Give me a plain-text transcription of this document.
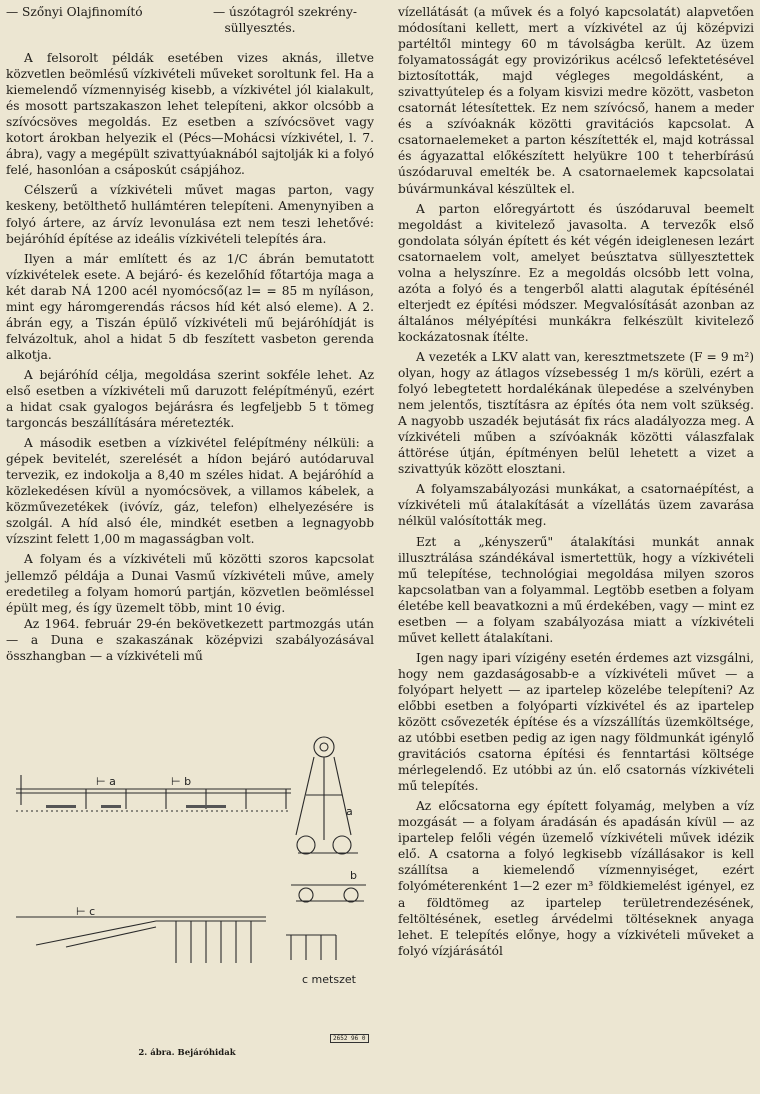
— Szőnyi Olajfinomító	— úszótagról szekrény-
süllyesztés.

A felsorolt példák esetében vizes aknás, illetve közvetlen beömlésű vízkivételi műveket soroltunk fel. Ha a kiemelendő vízmennyiség kisebb, a vízkivétel jól kialakult, és mosott partszakaszon lehet telepíteni, akkor olcsóbb a szívócsöves megoldás. Ez esetben a szívócsövet vagy kotort árokban helyezik el (Pécs—Mohácsi vízkivétel, l. 7. ábra), vagy a megépült szivattyúaknából sajtolják ki a folyó felé, hasonlóan a csáposkút csápjához.

Célszerű a vízkivételi művet magas parton, vagy keskeny, betölthető hullámtéren telepíteni. Amenynyiben a folyó ártere, az árvíz levonulása ezt nem teszi lehetővé: bejáróhíd építése az ideális vízkivételi telepítés ára.

Ilyen a már említett és az 1/C ábrán bemutatott vízkivételek esete. A bejáró- és kezelőhíd főtartója maga a két darab NÁ 1200 acél nyomócső(az l= = 85 m nyíláson, mint egy háromgerendás rácsos híd két alsó eleme). A 2. ábrán egy, a Tiszán épülő vízkivételi mű bejáróhídját is felvázoltuk, ahol a hidat 5 db feszített vasbeton gerenda alkotja.

A bejáróhíd célja, megoldása szerint sokféle lehet. Az első esetben a vízkivételi mű daruzott felépítményű, ezért a hidat csak gyalogos bejárásra és legfeljebb 5 t tömeg targoncás beszállítására méretezték.

A második esetben a vízkivétel felépítmény nélküli: a gépek bevitelét, szerelését a hídon bejáró autódaruval tervezik, ez indokolja a 8,40 m széles hidat. A bejáróhíd a közlekedésen kívül a nyomócsövek, a villamos kábelek, a közművezetékek (ivóvíz, gáz, telefon) elhelyezésére is szolgál. A híd alsó éle, mindkét esetben a legnagyobb vízszint felett 1,00 m magasságban volt.

A folyam és a vízkivételi mű közötti szoros kapcsolat jellemző példája a Dunai Vasmű vízkivételi műve, amely eredetileg a folyam homorú partján, közvetlen beömléssel épült meg, és így üzemelt több, mint 10 évig.

Az 1964. február 29-én bekövetkezett partmozgás után — a Duna e szakaszának középvizi szabályozásával összhangban — a vízkivételi mű

⊢ a	⊢ b
⊢ c
a
b
c metszet
2652 96 0
2. ábra. Bejáróhidak

vízellátását (a művek és a folyó kapcsolatát) alapvetően módosítani kellett, mert a vízkivétel az új középvizi partéltől mintegy 60 m távolságba került. Az üzem folyamatosságát egy provizórikus acélcső lefektetésével biztosították, majd végleges megoldásként, a szivattyútelep és a folyam kisvizi medre között, vasbeton csatornát létesítettek. Ez nem szívócső, hanem a meder és a szívóaknák közötti gravitációs kapcsolat. A csatornaelemeket a parton készítették el, majd kotrással és ágyazattal előkészített helyükre 100 t teherbírású úszódaruval emelték be. A csatornaelemek kapcsolatai búvármunkával készültek el.

A parton előregyártott és úszódaruval beemelt megoldást a kivitelező javasolta. A tervezők első gondolata sólyán épített és két végén ideiglenesen lezárt csatornaelem volt, amelyet beúsztatva süllyesztettek volna a helyszínre. Ez a megoldás olcsóbb lett volna, azóta a folyó és a tengerből alatti alagutak építésénél elterjedt ez építési módszer. Megvalósítását azonban az általános mélyépítési munkákra felkészült kivitelező kockázatosnak ítélte.

A vezeték a LKV alatt van, keresztmetszete (F = 9 m²) olyan, hogy az átlagos vízsebesség 1 m/s körüli, ezért a folyó lebegtetett hordalékának ülepedése a szelvényben nem jelentős, tisztításra az építés óta nem volt szükség. A nagyobb uszadék bejutását fix rács aladályozza meg. A vízkivételi műben a szívóaknák közötti válaszfalak áttörése útján, építményen belül lehetett a vizet a szivattyúk között elosztani.

A folyamszabályozási munkákat, a csatornaépítést, a vízkivételi mű átalakítását a vízellátás üzem zavarása nélkül valósították meg.

Ezt a „kényszerű" átalakítási munkát annak illusztrálása szándékával ismertettük, hogy a vízkivételi mű telepítése, technológiai megoldása milyen szoros kapcsolatban van a folyammal. Legtöbb esetben a folyam életébe kell beavatkozni a mű érdekében, vagy — mint ez esetben — a folyam szabályozása miatt a vízkivételi művet kellett átalakítani.

Igen nagy ipari vízigény esetén érdemes azt vizsgálni, hogy nem gazdaságosabb-e a vízkivételi művet — a folyópart helyett — az ipartelep közelébe telepíteni? Az előbbi esetben a folyóparti vízkivétel és az ipartelep között csővezeték építése és a vízszállítás üzemköltsége, az utóbbi esetben pedig az igen nagy földmunkát igénylő gravitációs csatorna építési és fenntartási költsége mérlegelendő. Ez utóbbi az ún. elő csatornás vízkivételi mű telepítés.

Az előcsatorna egy épített folyamág, melyben a víz mozgását — a folyam áradásán és apadásán kívül — az ipartelep felőli végén üzemelő vízkivételi művek idézik elő. A csatorna a folyó legkisebb vízállásakor is kell szállítsa a kiemelendő vízmennyiséget, ezért folyóméterenként 1—2 ezer m³ földkiemelést igényel, ez a földtömeg az ipartelep területrendezésének, feltöltésének, esetleg árvédelmi töltéseknek anyaga lehet. E telepítés előnye, hogy a vízkivételi műveket a folyó vízjárásától
